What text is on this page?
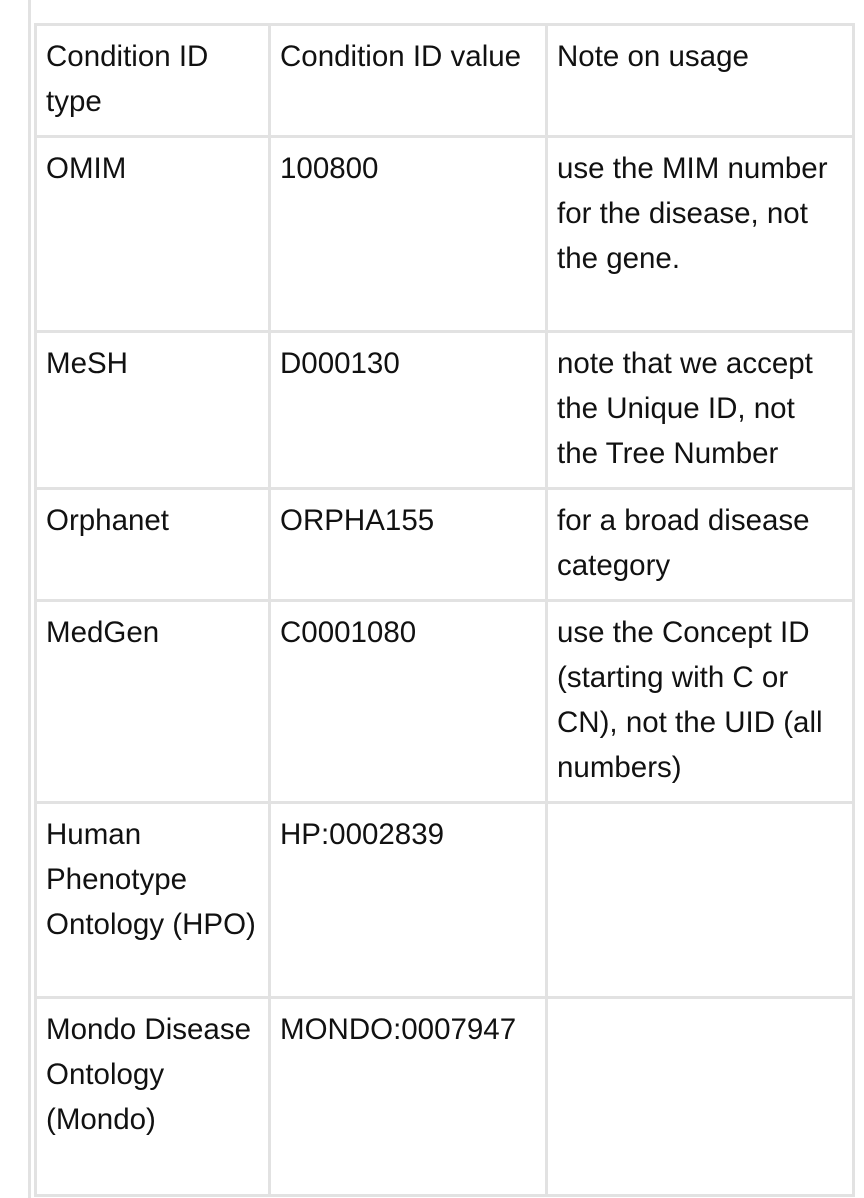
Condition ID type	Condition ID value	Note on usage
OMIM	100800	use the MIM number for the disease, not the gene.
MeSH	D000130	note that we accept the Unique ID, not the Tree Number
Orphanet	ORPHA155	for a broad disease category
MedGen	C0001080	use the Concept ID (starting with C or CN), not the UID (all numbers)
Human Phenotype Ontology (HPO)	HP:0002839	
Mondo Disease Ontology (Mondo)	MONDO:0007947	
